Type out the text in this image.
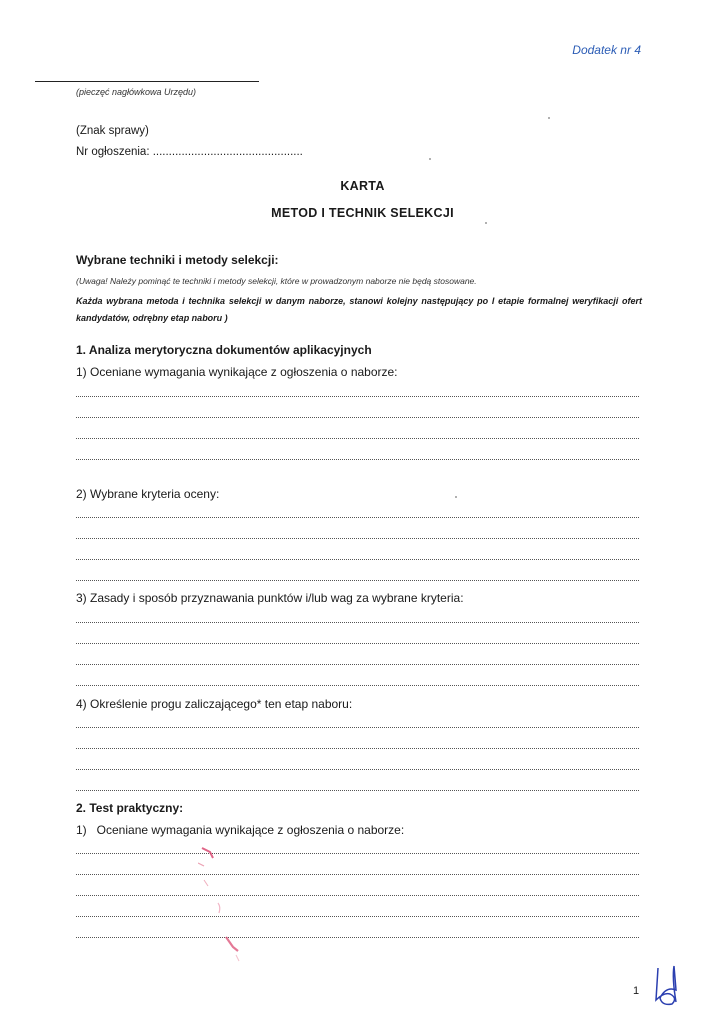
Dodatek nr 4
(pieczęć nagłówkowa Urzędu)
(Znak sprawy)
Nr ogłoszenia: ...............................................
KARTA
METOD I TECHNIK SELEKCJI
Wybrane techniki i metody selekcji:
(Uwaga! Należy pominąć te techniki i metody selekcji, które w prowadzonym naborze nie będą stosowane.
Każda wybrana metoda i technika selekcji w danym naborze, stanowi kolejny następujący po I etapie formalnej weryfikacji ofert kandydatów, odrębny etap naboru )
1. Analiza merytoryczna dokumentów aplikacyjnych
1) Oceniane wymagania wynikające z ogłoszenia o naborze:
2) Wybrane kryteria oceny:
3) Zasady i sposób przyznawania punktów i/lub wag za wybrane kryteria:
4) Określenie progu zaliczającego* ten etap naboru:
2. Test praktyczny:
1)   Oceniane wymagania wynikające z ogłoszenia o naborze:
1
